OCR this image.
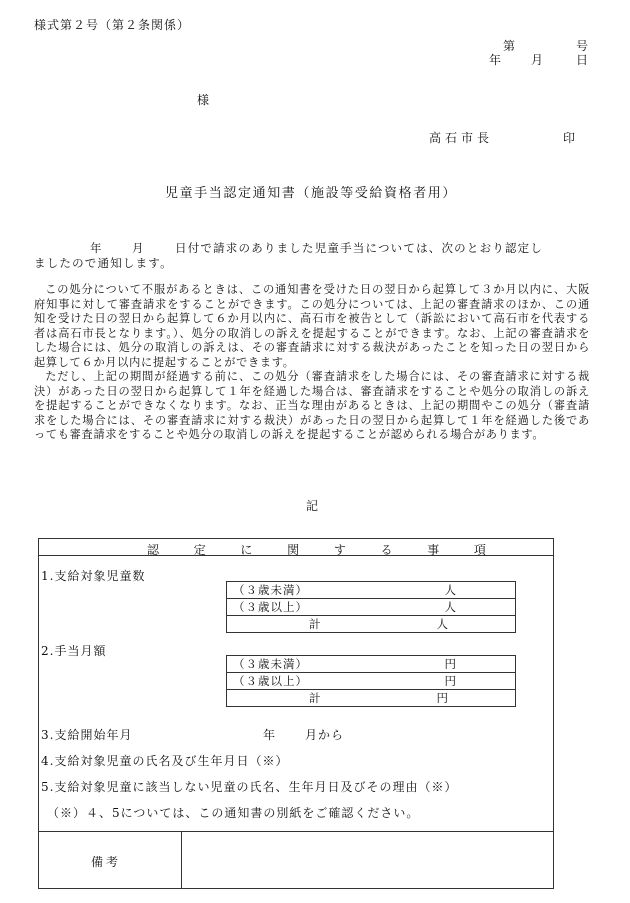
様式第２号（第２条関係）
第	号
年 月	日
様
高石市長	印
児童手当認定通知書（施設等受給資格者用）
年	月	日付で請求のありました児童手当については、次のとおり認定し
ましたので通知します。

この処分について不服があるときは、この通知書を受けた日の翌日から起算して３か月以内に、大阪府知事に対して審査請求をすることができます。この処分については、上記の審査請求のほか、この通知を受けた日の翌日から起算して６か月以内に、高石市を被告として（訴訟において高石市を代表する者は高石市長となります。）、処分の取消しの訴えを提起することができます。なお、上記の審査請求をした場合には、処分の取消しの訴えは、その審査請求に対する裁決があったことを知った日の翌日から起算して６か月以内に提起することができます。

ただし、上記の期間が経過する前に、この処分（審査請求をした場合には、その審査請求に対する裁決）があった日の翌日から起算して１年を経過した場合は、審査請求をすることや処分の取消しの訴えを提起することができなくなります。なお、正当な理由があるときは、上記の期間やこの処分（審査請求をした場合には、その審査請求に対する裁決）があった日の翌日から起算して１年を経過した後であっても審査請求をすることや処分の取消しの訴えを提起することが認められる場合があります。

記
認	定	に	関	す	る	事	項
1.支給対象児童数
（３歳未満）	人

（３歳以上）	人

計	人
2.手当月額
（３歳未満）	円

（３歳以上）	円

計	円
3.支給開始年月	年 月から
4.支給対象児童の氏名及び生年月日（※）
5.支給対象児童に該当しない児童の氏名、生年月日及びその理由（※）
（※）４、5については、この通知書の別紙をご確認ください。
備考
